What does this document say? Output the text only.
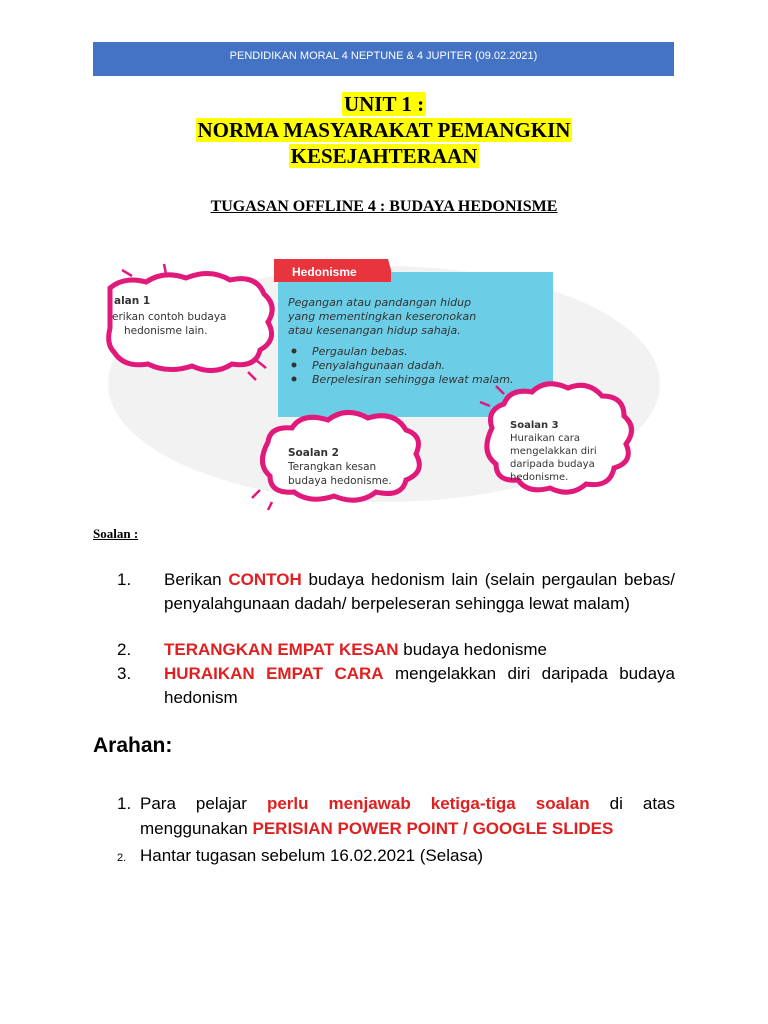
PENDIDIKAN MORAL 4 NEPTUNE & 4 JUPITER (09.02.2021)
UNIT 1 :
NORMA MASYARAKAT PEMANGKIN
KESEJAHTERAAN
TUGASAN OFFLINE 4 : BUDAYA HEDONISME
Hedonisme
Pegangan atau pandangan hidup
yang mementingkan keseronokan
atau kesenangan hidup sahaja.
Pergaulan bebas.
Penyalahgunaan dadah.
Berpelesiran sehingga lewat malam.
alan 1
erikan contoh budaya
hedonisme lain.
Soalan 2
Terangkan kesan
budaya hedonisme.
Soalan 3
Huraikan cara
mengelakkan diri
daripada budaya
hedonisme.
Soalan :
1. Berikan CONTOH budaya hedonism lain (selain pergaulan bebas/ penyalahgunaan dadah/ berpeleseran sehingga lewat malam)
2. TERANGKAN EMPAT KESAN budaya hedonisme
3. HURAIKAN EMPAT CARA mengelakkan diri daripada budaya hedonism
Arahan:
1. Para pelajar perlu menjawab ketiga-tiga soalan di atas menggunakan PERISIAN POWER POINT / GOOGLE SLIDES
2. Hantar tugasan sebelum 16.02.2021 (Selasa)
